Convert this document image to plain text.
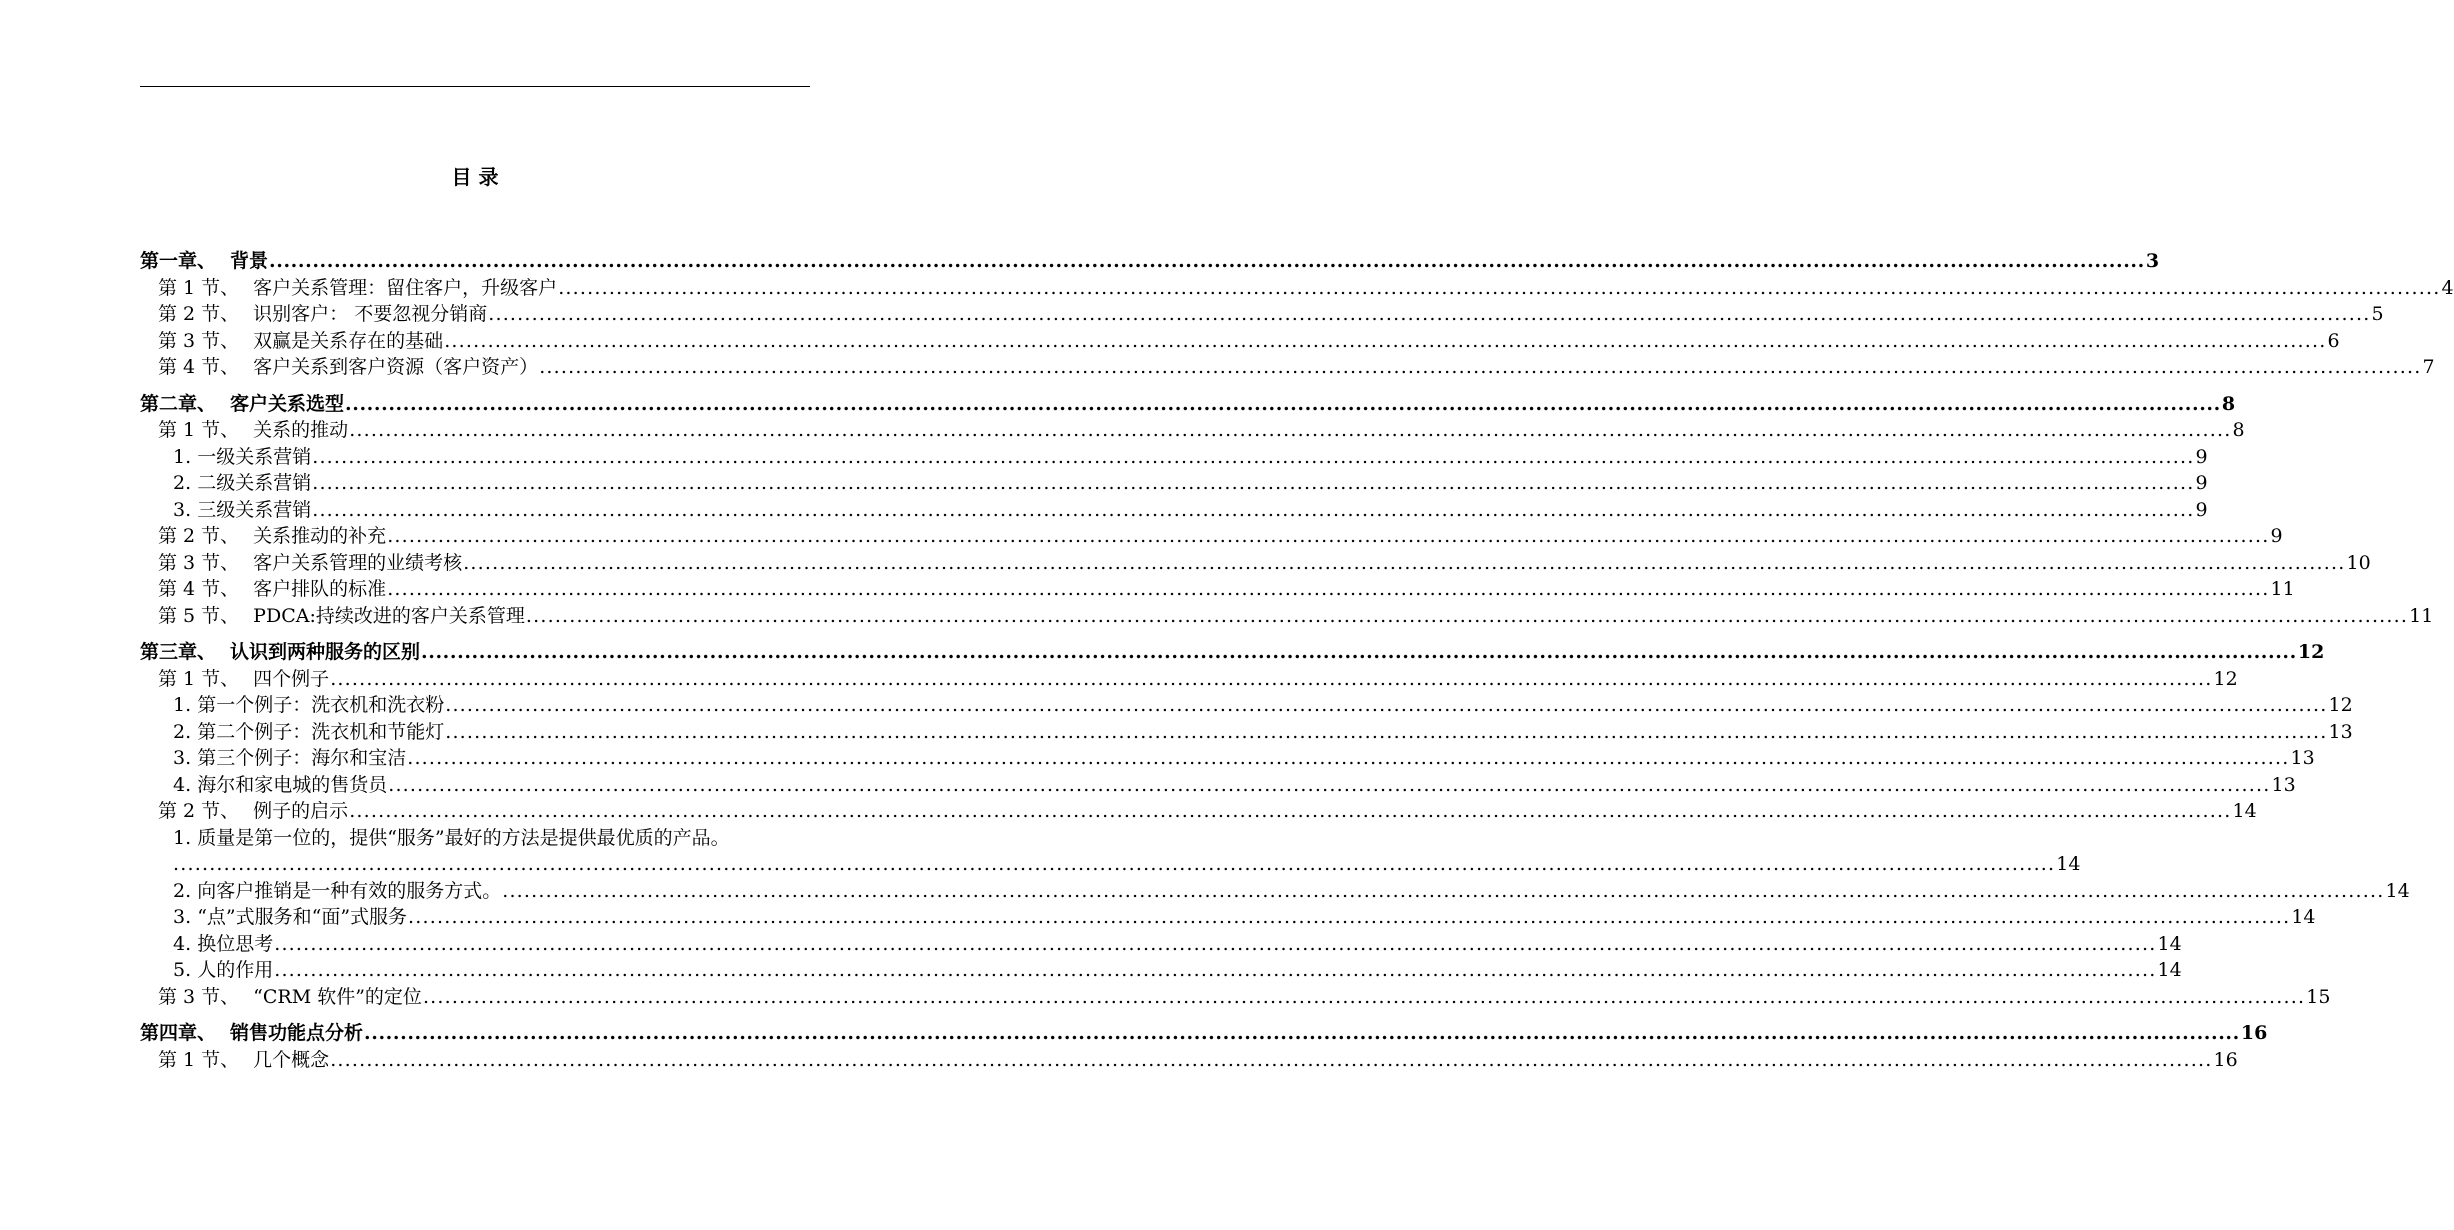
目 录
第一章、 背景 .................................................................................................................................................................................................................................................................... 3
第 1 节、 客户关系管理：留住客户，升级客户 .................................................................................................................................................................................................................................................................... 4
第 2 节、 识别客户： 不要忽视分销商 .................................................................................................................................................................................................................................................................... 5
第 3 节、 双赢是关系存在的基础 .................................................................................................................................................................................................................................................................... 6
第 4 节、 客户关系到客户资源（客户资产） .................................................................................................................................................................................................................................................................... 7
第二章、 客户关系选型 .................................................................................................................................................................................................................................................................... 8
第 1 节、 关系的推动 .................................................................................................................................................................................................................................................................... 8
1. 一级关系营销 .................................................................................................................................................................................................................................................................... 9
2. 二级关系营销 .................................................................................................................................................................................................................................................................... 9
3. 三级关系营销 .................................................................................................................................................................................................................................................................... 9
第 2 节、 关系推动的补充 .................................................................................................................................................................................................................................................................... 9
第 3 节、 客户关系管理的业绩考核 .................................................................................................................................................................................................................................................................... 10
第 4 节、 客户排队的标准 .................................................................................................................................................................................................................................................................... 11
第 5 节、 PDCA:持续改进的客户关系管理 .................................................................................................................................................................................................................................................................... 11
第三章、 认识到两种服务的区别 .................................................................................................................................................................................................................................................................... 12
第 1 节、 四个例子 .................................................................................................................................................................................................................................................................... 12
1. 第一个例子：洗衣机和洗衣粉 .................................................................................................................................................................................................................................................................... 12
2. 第二个例子：洗衣机和节能灯 .................................................................................................................................................................................................................................................................... 13
3. 第三个例子：海尔和宝洁 .................................................................................................................................................................................................................................................................... 13
4. 海尔和家电城的售货员 .................................................................................................................................................................................................................................................................... 13
第 2 节、 例子的启示 .................................................................................................................................................................................................................................................................... 14
1. 质量是第一位的，提供“服务”最好的方法是提供最优质的产品。
.................................................................................................................................................................................................................................................................... 14
2. 向客户推销是一种有效的服务方式。 .................................................................................................................................................................................................................................................................... 14
3. “点”式服务和“面”式服务 .................................................................................................................................................................................................................................................................... 14
4. 换位思考 .................................................................................................................................................................................................................................................................... 14
5. 人的作用 .................................................................................................................................................................................................................................................................... 14
第 3 节、 “CRM 软件”的定位 .................................................................................................................................................................................................................................................................... 15
第四章、 销售功能点分析 .................................................................................................................................................................................................................................................................... 16
第 1 节、 几个概念 .................................................................................................................................................................................................................................................................... 16
